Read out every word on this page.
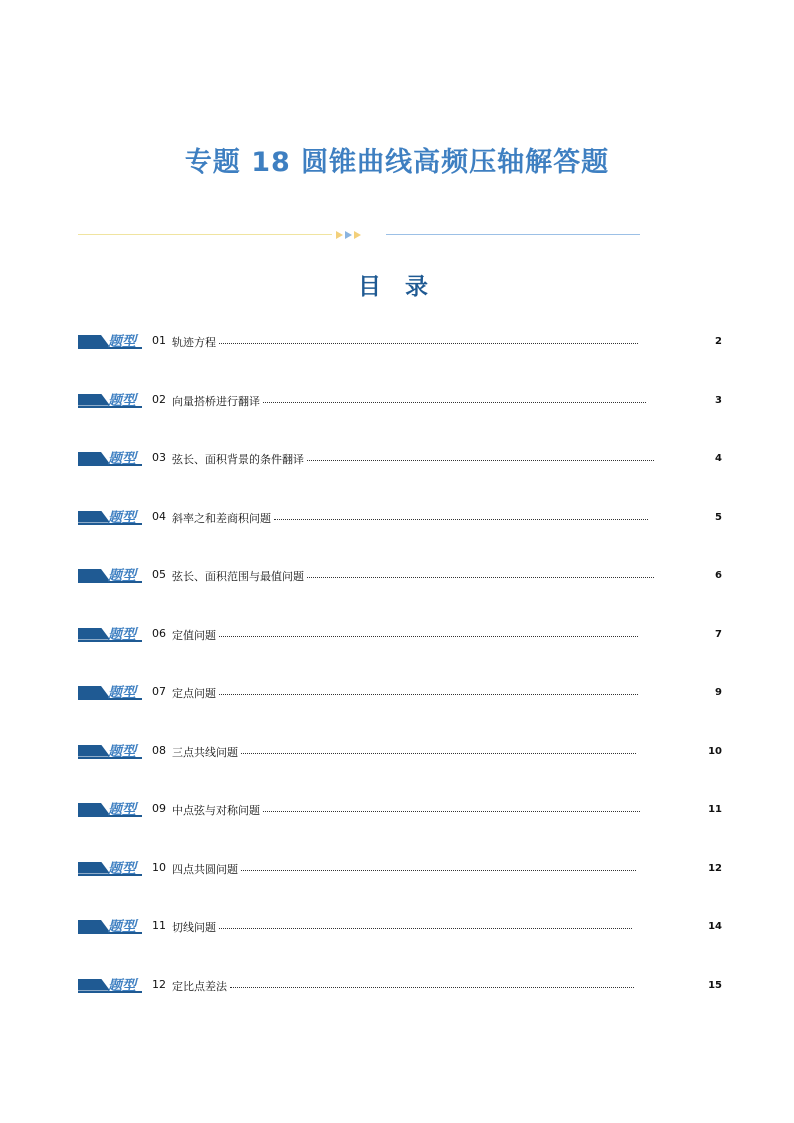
专题 18 圆锥曲线高频压轴解答题
目 录
题型 01 轨迹方程	2
题型 02 向量搭桥进行翻译	3
题型 03 弦长、面积背景的条件翻译	4
题型 04 斜率之和差商积问题	5
题型 05 弦长、面积范围与最值问题	6
题型 06 定值问题	7
题型 07 定点问题	9
题型 08 三点共线问题	10
题型 09 中点弦与对称问题	11
题型 10 四点共圆问题	12
题型 11 切线问题	14
题型 12 定比点差法	15
